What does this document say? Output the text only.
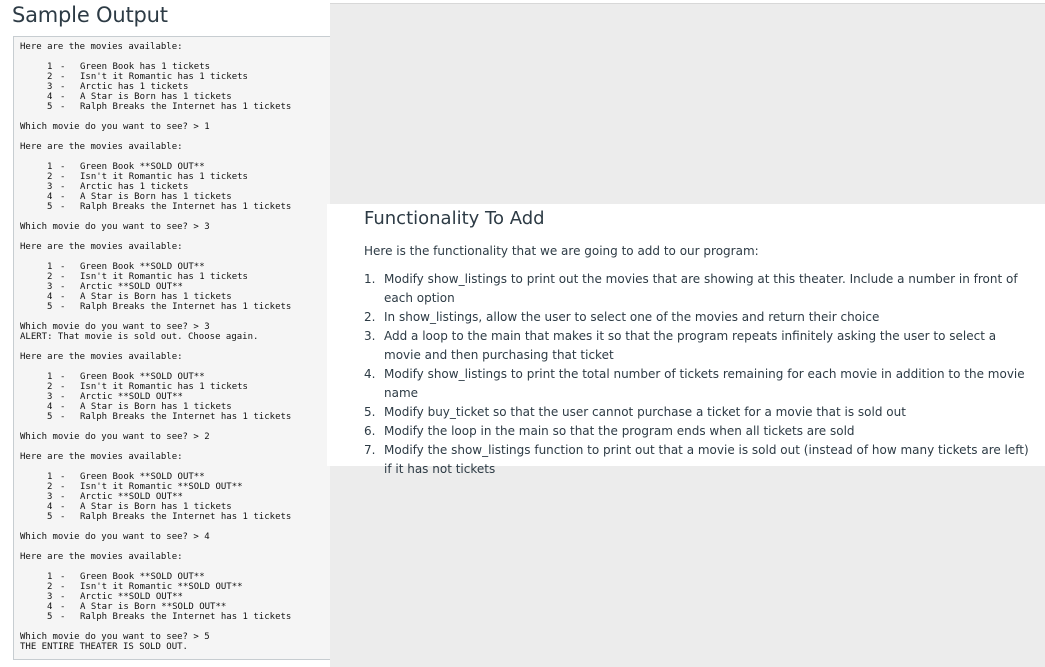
Sample Output
Here are the movies available:
1 -	Green Book has 1 tickets
2 -	Isn't it Romantic has 1 tickets
3 -	Arctic has 1 tickets
4 -	A Star is Born has 1 tickets
5 -	Ralph Breaks the Internet has 1 tickets
Which movie do you want to see? > 1
Here are the movies available:
1 -	Green Book **SOLD OUT**
2 -	Isn't it Romantic has 1 tickets
3 -	Arctic has 1 tickets
4 -	A Star is Born has 1 tickets
5 -	Ralph Breaks the Internet has 1 tickets
Which movie do you want to see? > 3
Here are the movies available:
1 -	Green Book **SOLD OUT**
2 -	Isn't it Romantic has 1 tickets
3 -	Arctic **SOLD OUT**
4 -	A Star is Born has 1 tickets
5 -	Ralph Breaks the Internet has 1 tickets
Which movie do you want to see? > 3
ALERT: That movie is sold out. Choose again.
Here are the movies available:
1 -	Green Book **SOLD OUT**
2 -	Isn't it Romantic has 1 tickets
3 -	Arctic **SOLD OUT**
4 -	A Star is Born has 1 tickets
5 -	Ralph Breaks the Internet has 1 tickets
Which movie do you want to see? > 2
Here are the movies available:
1 -	Green Book **SOLD OUT**
2 -	Isn't it Romantic **SOLD OUT**
3 -	Arctic **SOLD OUT**
4 -	A Star is Born has 1 tickets
5 -	Ralph Breaks the Internet has 1 tickets
Which movie do you want to see? > 4
Here are the movies available:
1 -	Green Book **SOLD OUT**
2 -	Isn't it Romantic **SOLD OUT**
3 -	Arctic **SOLD OUT**
4 -	A Star is Born **SOLD OUT**
5 -	Ralph Breaks the Internet has 1 tickets
Which movie do you want to see? > 5
THE ENTIRE THEATER IS SOLD OUT.
Functionality To Add

Here is the functionality that we are going to add to our program:

1. Modify show_listings to print out the movies that are showing at this theater. Include a number in front of each option
2. In show_listings, allow the user to select one of the movies and return their choice
3. Add a loop to the main that makes it so that the program repeats infinitely asking the user to select a movie and then purchasing that ticket
4. Modify show_listings to print the total number of tickets remaining for each movie in addition to the movie name
5. Modify buy_ticket so that the user cannot purchase a ticket for a movie that is sold out
6. Modify the loop in the main so that the program ends when all tickets are sold
7. Modify the show_listings function to print out that a movie is sold out (instead of how many tickets are left) if it has not tickets
